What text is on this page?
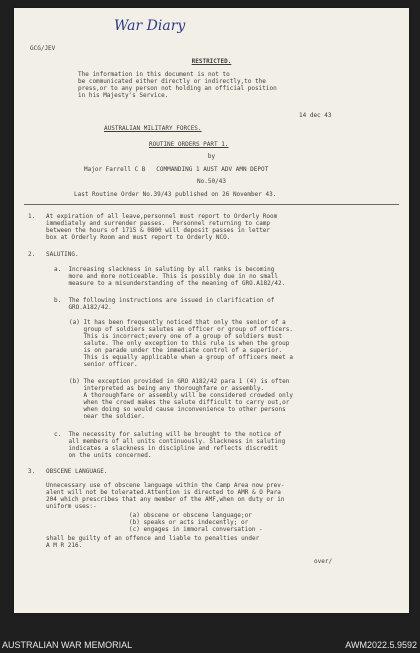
War Diary
GCG/JEV
RESTRICTED.
The information in this document is not to
be communicated either directly or indirectly,to the
press,or to any person not holding an official position
in his Majesty's Service.
14 dec 43
AUSTRALIAN MILITARY FORCES.
ROUTINE ORDERS PART 1.
by
Major Farrell C B   COMMANDING 1 AUST ADV AMN DEPOT
No.50/43
Last Routine Order No.39/43 published on 26 November 43.
1.   At expiration of all leave,personnel must report to Orderly Room
immediately and surrender passes.  Personnel returning to camp
between the hours of 1715 & 0800 will deposit passes in letter
box at Orderly Room and must report to Orderly NCO.
2.   SALUTING.
a.  Increasing slackness in saluting by all ranks is becoming
more and more noticeable. This is possibly due in no small
measure to a misunderstanding of the meaning of GRO.A182/42.
b.  The following instructions are issued in clarification of
GRO.A182/42.
(a) It has been frequently noticed that only the senior of a
group of soldiers salutes an officer or group of officers.
This is incorrect;every one of a group of soldiers must
salute. The only exception to this rule is when the group
is on parade under the immediate control of a superior.
This is equally applicable when a group of officers meet a
senior officer.
(b) The exception provided in GRO A182/42 para 1 (4) is often
interpreted as being any thoroughfare or assembly.
A thoroughfare or assembly will be considered crowded only
when the crowd makes the salute difficult to carry out,or
when doing so would cause inconvenience to other persons
near the soldier.
c.  The necessity for saluting will be brought to the notice of
all members of all units continuously. Slackness in saluting
indicates a slackness in discipline and reflects discredit
on the units concerned.
3.   OBSCENE LANGUAGE.
Unnecessary use of obscene language within the Camp Area now prev-
alent will not be tolerated.Attention is directed to AMR & O Para
204 which prescribes that any member of the AMF,when on duty or in
uniform uses:-
(a) obscene or obscene language;or
(b) speaks or acts indecently; or
(c) engages in immoral conversation -
shall be guilty of an offence and liable to penalties under
A M R 216.
over/
AUSTRALIAN WAR MEMORIAL	AWM2022.5.9592
